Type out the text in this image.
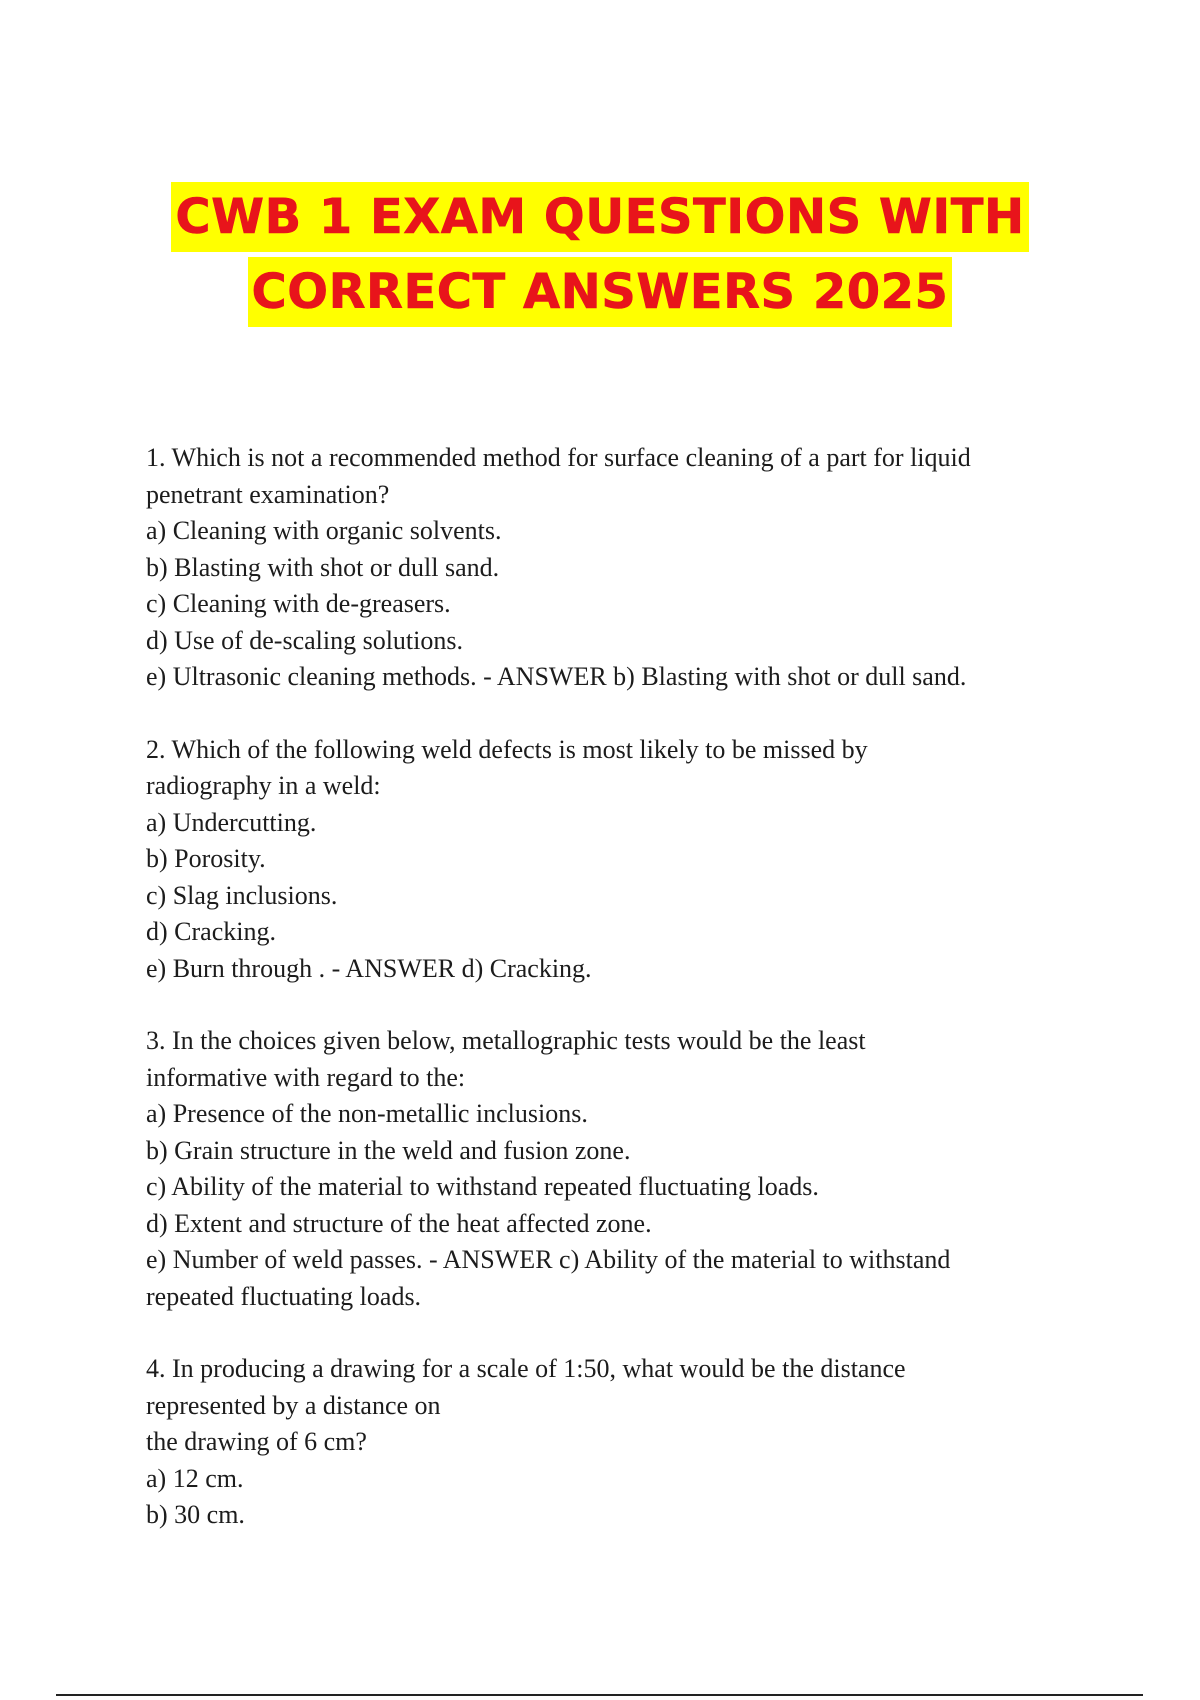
CWB 1 EXAM QUESTIONS WITH
CORRECT ANSWERS 2025
1. Which is not a recommended method for surface cleaning of a part for liquid
penetrant examination?
a) Cleaning with organic solvents.
b) Blasting with shot or dull sand.
c) Cleaning with de-greasers.
d) Use of de-scaling solutions.
e) Ultrasonic cleaning methods. - ANSWER b) Blasting with shot or dull sand.
2. Which of the following weld defects is most likely to be missed by
radiography in a weld:
a) Undercutting.
b) Porosity.
c) Slag inclusions.
d) Cracking.
e) Burn through . - ANSWER d) Cracking.
3. In the choices given below, metallographic tests would be the least
informative with regard to the:
a) Presence of the non-metallic inclusions.
b) Grain structure in the weld and fusion zone.
c) Ability of the material to withstand repeated fluctuating loads.
d) Extent and structure of the heat affected zone.
e) Number of weld passes. - ANSWER c) Ability of the material to withstand
repeated fluctuating loads.
4. In producing a drawing for a scale of 1:50, what would be the distance
represented by a distance on
the drawing of 6 cm?
a) 12 cm.
b) 30 cm.
